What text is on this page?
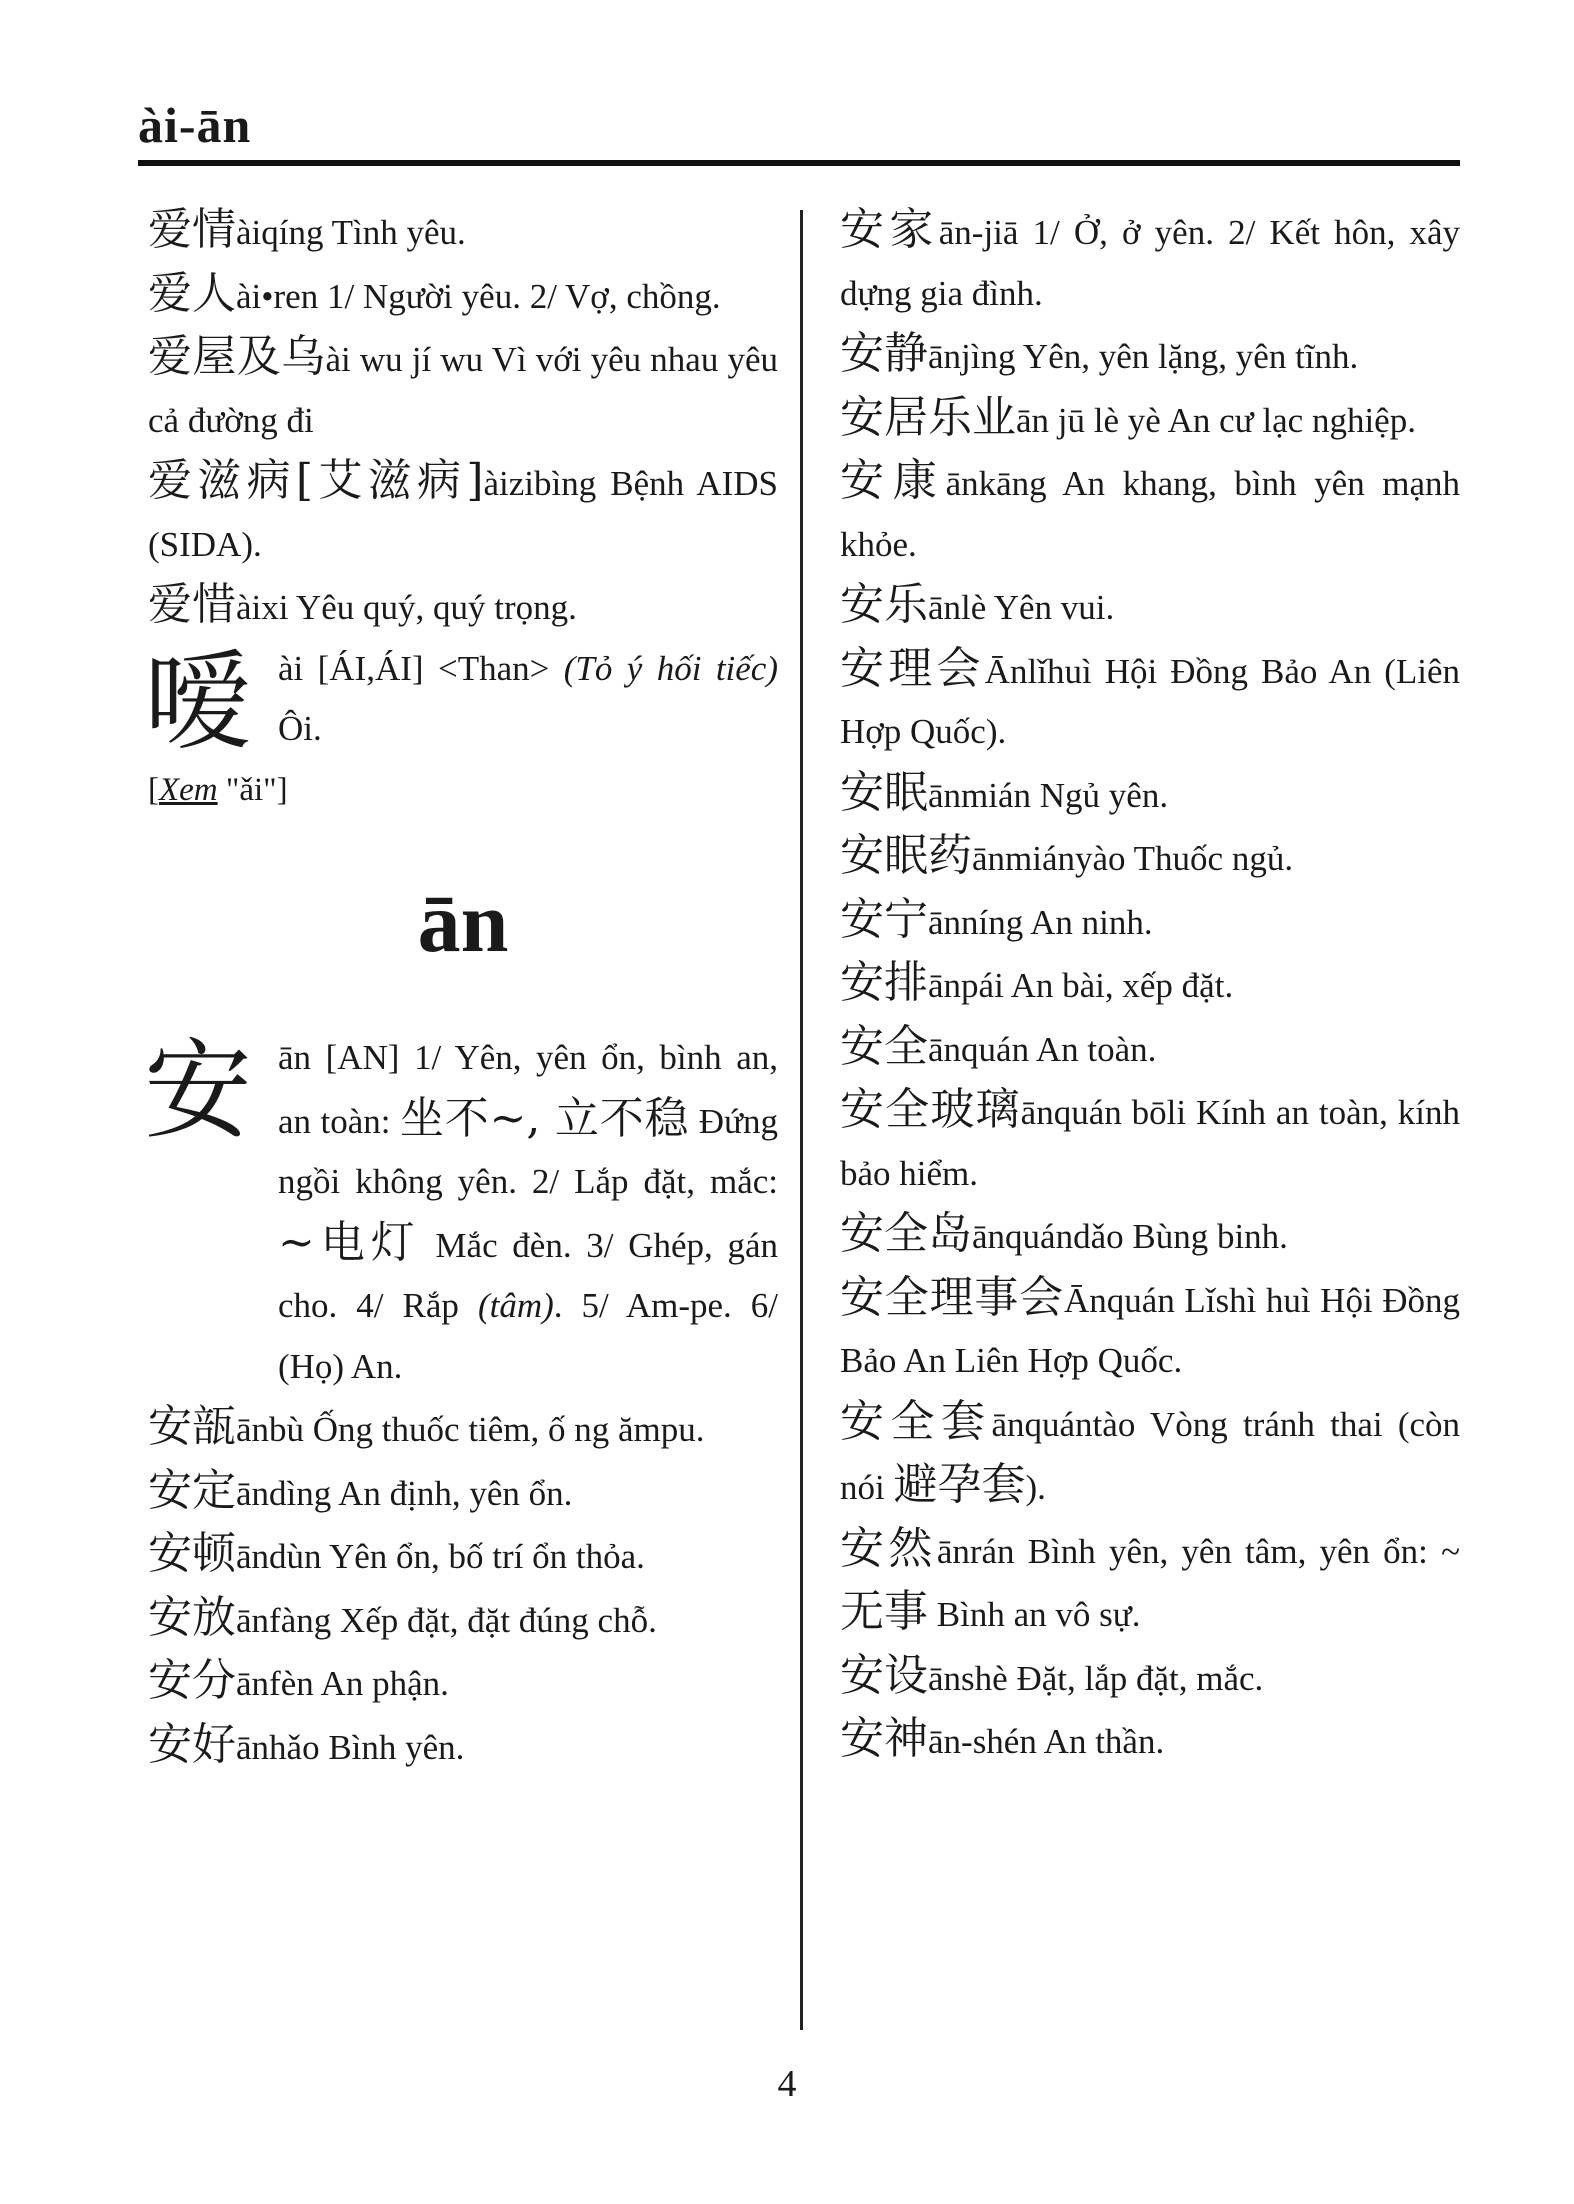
ài-ān

爱情àiqíng Tình yêu.

爱人ài•ren 1/ Người yêu. 2/ Vợ, chồng.

爱屋及乌ài wu jí wu Vì với yêu nhau yêu cả đường đi

爱滋病[艾滋病]àizibìng Bệnh AIDS (SIDA).

爱惜àixi Yêu quý, quý trọng.

嗳 ài [ÁI,ÁI] <Than> (Tỏ ý hối tiếc) Ôi.
[Xem "ǎi"]
ān
安 ān [AN] 1/ Yên, yên ổn, bình an, an toàn: 坐不~, 立不稳 Đứng ngồi không yên. 2/ Lắp đặt, mắc: ~电灯 Mắc đèn. 3/ Ghép, gán cho. 4/ Rắp (tâm). 5/ Am-pe. 6/ (Họ) An.

安瓿ānbù Ống thuốc tiêm, ố ng ămpu.

安定āndìng An định, yên ổn.

安顿āndùn Yên ổn, bố trí ổn thỏa.

安放ānfàng Xếp đặt, đặt đúng chỗ.

安分ānfèn An phận.

安好ānhǎo Bình yên.

安家ān-jiā 1/ Ở, ở yên. 2/ Kết hôn, xây dựng gia đình.

安静ānjìng Yên, yên lặng, yên tĩnh.

安居乐业ān jū lè yè An cư lạc nghiệp.

安康ānkāng An khang, bình yên mạnh khỏe.

安乐ānlè Yên vui.

安理会Ānlǐhuì Hội Đồng Bảo An (Liên Hợp Quốc).

安眠ānmián Ngủ yên.

安眠药ānmiányào Thuốc ngủ.

安宁ānníng An ninh.

安排ānpái An bài, xếp đặt.

安全ānquán An toàn.

安全玻璃ānquán bōli Kính an toàn, kính bảo hiểm.

安全岛ānquándǎo Bùng binh.

安全理事会Ānquán Lǐshì huì Hội Đồng Bảo An Liên Hợp Quốc.

安全套ānquántào Vòng tránh thai (còn nói 避孕套).

安然ānrán Bình yên, yên tâm, yên ổn: ~ 无事 Bình an vô sự.

安设ānshè Đặt, lắp đặt, mắc.

安神ān-shén An thần.

4
